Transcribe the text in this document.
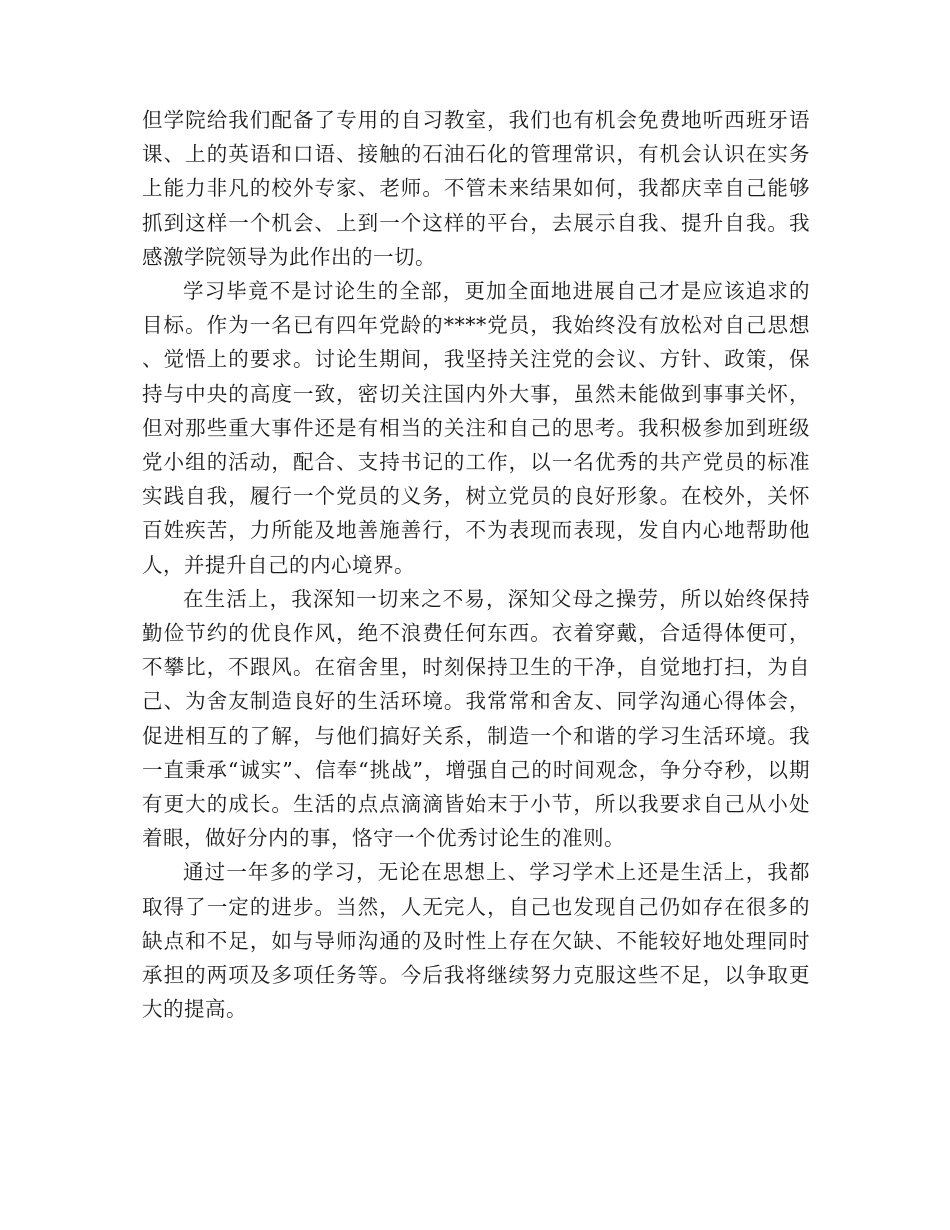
但学院给我们配备了专用的自习教室，我们也有机会免费地听西班牙语课、上的英语和口语、接触的石油石化的管理常识，有机会认识在实务上能力非凡的校外专家、老师。不管未来结果如何，我都庆幸自己能够抓到这样一个机会、上到一个这样的平台，去展示自我、提升自我。我感激学院领导为此作出的一切。

学习毕竟不是讨论生的全部，更加全面地进展自己才是应该追求的目标。作为一名已有四年党龄的****党员，我始终没有放松对自己思想、觉悟上的要求。讨论生期间，我坚持关注党的会议、方针、政策，保持与中央的高度一致，密切关注国内外大事，虽然未能做到事事关怀，但对那些重大事件还是有相当的关注和自己的思考。我积极参加到班级党小组的活动，配合、支持书记的工作，以一名优秀的共产党员的标准实践自我，履行一个党员的义务，树立党员的良好形象。在校外，关怀百姓疾苦，力所能及地善施善行，不为表现而表现，发自内心地帮助他人，并提升自己的内心境界。

在生活上，我深知一切来之不易，深知父母之操劳，所以始终保持勤俭节约的优良作风，绝不浪费任何东西。衣着穿戴，合适得体便可，不攀比，不跟风。在宿舍里，时刻保持卫生的干净，自觉地打扫，为自己、为舍友制造良好的生活环境。我常常和舍友、同学沟通心得体会，促进相互的了解，与他们搞好关系，制造一个和谐的学习生活环境。我一直秉承“诚实”、信奉“挑战”，增强自己的时间观念，争分夺秒，以期有更大的成长。生活的点点滴滴皆始末于小节，所以我要求自己从小处着眼，做好分内的事，恪守一个优秀讨论生的准则。

通过一年多的学习，无论在思想上、学习学术上还是生活上，我都取得了一定的进步。当然，人无完人，自己也发现自己仍如存在很多的缺点和不足，如与导师沟通的及时性上存在欠缺、不能较好地处理同时承担的两项及多项任务等。今后我将继续努力克服这些不足，以争取更大的提高。
